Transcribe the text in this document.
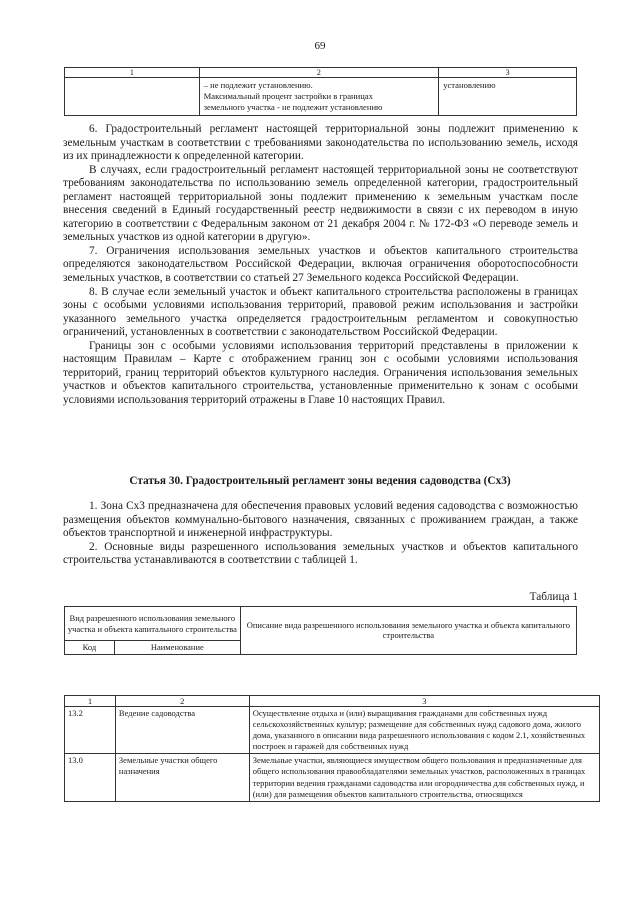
69
1	2	3

	– не подлежит установлению.
Максимальный процент застройки в границах
земельного участка - не подлежит установлению	установлению

6. Градостроительный регламент настоящей территориальной зоны подлежит применению к земельным участкам в соответствии с требованиями законодательства по использованию земель, исходя из их принадлежности к определенной категории.

В случаях, если градостроительный регламент настоящей территориальной зоны не соответствуют требованиям законодательства по использованию земель определенной категории, градостроительный регламент настоящей территориальной зоны подлежит применению к земельным участкам после внесения сведений в Единый государственный реестр недвижимости в связи с их переводом в иную категорию в соответствии с Федеральным законом от 21 декабря 2004 г. № 172-ФЗ «О переводе земель и земельных участков из одной категории в другую».

7. Ограничения использования земельных участков и объектов капитального строительства определяются законодательством Российской Федерации, включая ограничения оборотоспособности земельных участков, в соответствии со статьей 27 Земельного кодекса Российской Федерации.

8. В случае если земельный участок и объект капитального строительства расположены в границах зоны с особыми условиями использования территорий, правовой режим использования и застройки указанного земельного участка определяется градостроительным регламентом и совокупностью ограничений, установленных в соответствии с законодательством Российской Федерации.

Границы зон с особыми условиями использования территорий представлены в приложении к настоящим Правилам – Карте с отображением границ зон с особыми условиями использования территорий, границ территорий объектов культурного наследия. Ограничения использования земельных участков и объектов капитального строительства, установленные применительно к зонам с особыми условиями использования территорий отражены в Главе 10 настоящих Правил.

Статья 30. Градостроительный регламент зоны ведения садоводства (Сх3)

1. Зона Сх3 предназначена для обеспечения правовых условий ведения садоводства с возможностью размещения объектов коммунально-бытового назначения, связанных с проживанием граждан, а также объектов транспортной и инженерной инфраструктуры.

2. Основные виды разрешенного использования земельных участков и объектов капитального строительства устанавливаются в соответствии с таблицей 1.

Таблица 1
Вид разрешенного использования земельного участка и объекта капитального строительства		Описание вида разрешенного использования земельного участка и объекта капитального строительства
Код	Наименование	
1	2	3
13.2	Ведение садоводства	Осуществление отдыха и (или) выращивания гражданами для собственных нужд сельскохозяйственных культур; размещение для собственных нужд садового дома, жилого дома, указанного в описании вида разрешенного использования с кодом 2.1, хозяйственных построек и гаражей для собственных нужд
13.0	Земельные участки общего назначения	Земельные участки, являющиеся имуществом общего пользования и предназначенные для общего использования правообладателями земельных участков, расположенных в границах территории ведения гражданами садоводства или огородничества для собственных нужд, и (или) для размещения объектов капитального строительства, относящихся
